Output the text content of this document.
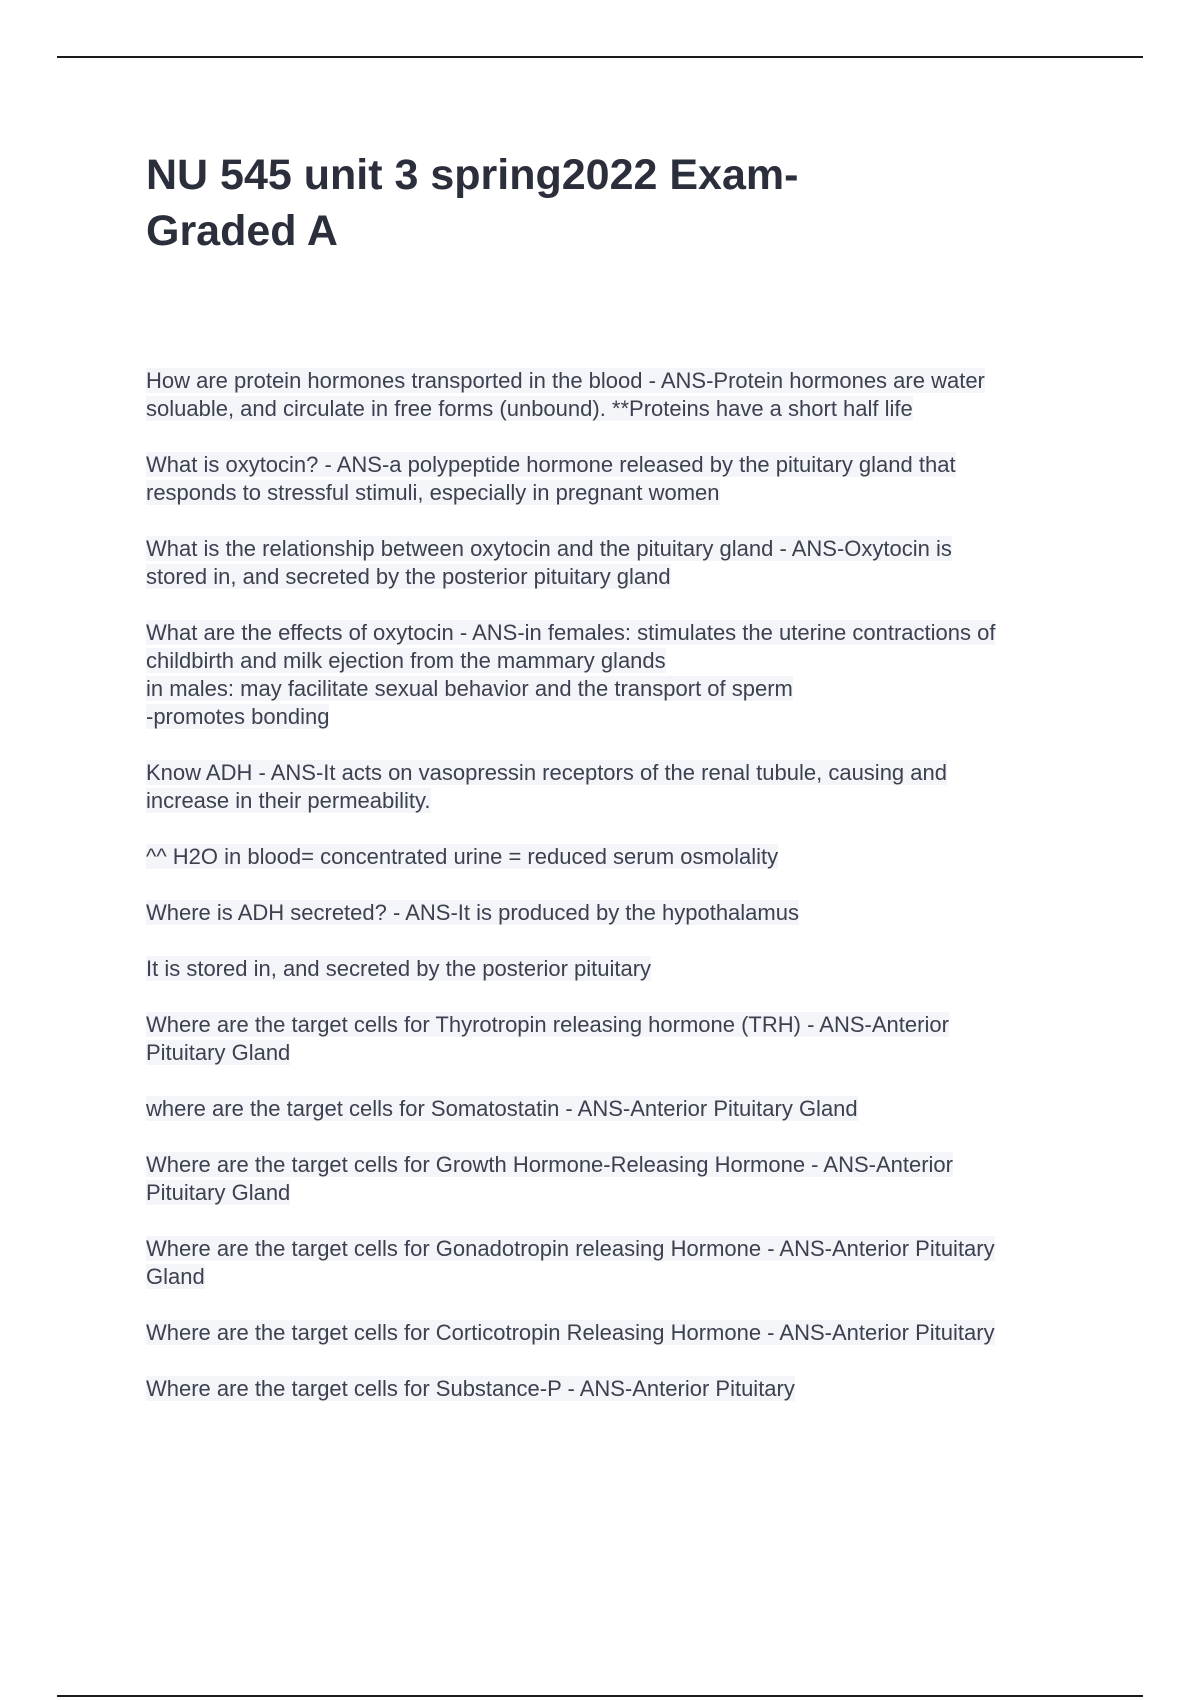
NU 545 unit 3 spring2022 Exam-
Graded A

How are protein hormones transported in the blood - ANS-Protein hormones are water
soluable, and circulate in free forms (unbound). **Proteins have a short half life

What is oxytocin? - ANS-a polypeptide hormone released by the pituitary gland that
responds to stressful stimuli, especially in pregnant women

What is the relationship between oxytocin and the pituitary gland - ANS-Oxytocin is
stored in, and secreted by the posterior pituitary gland

What are the effects of oxytocin - ANS-in females: stimulates the uterine contractions of
childbirth and milk ejection from the mammary glands
in males: may facilitate sexual behavior and the transport of sperm
-promotes bonding

Know ADH - ANS-It acts on vasopressin receptors of the renal tubule, causing and
increase in their permeability.

^^ H2O in blood= concentrated urine = reduced serum osmolality

Where is ADH secreted? - ANS-It is produced by the hypothalamus

It is stored in, and secreted by the posterior pituitary

Where are the target cells for Thyrotropin releasing hormone (TRH) - ANS-Anterior
Pituitary Gland

where are the target cells for Somatostatin - ANS-Anterior Pituitary Gland

Where are the target cells for Growth Hormone-Releasing Hormone - ANS-Anterior
Pituitary Gland

Where are the target cells for Gonadotropin releasing Hormone - ANS-Anterior Pituitary
Gland

Where are the target cells for Corticotropin Releasing Hormone - ANS-Anterior Pituitary

Where are the target cells for Substance-P - ANS-Anterior Pituitary
